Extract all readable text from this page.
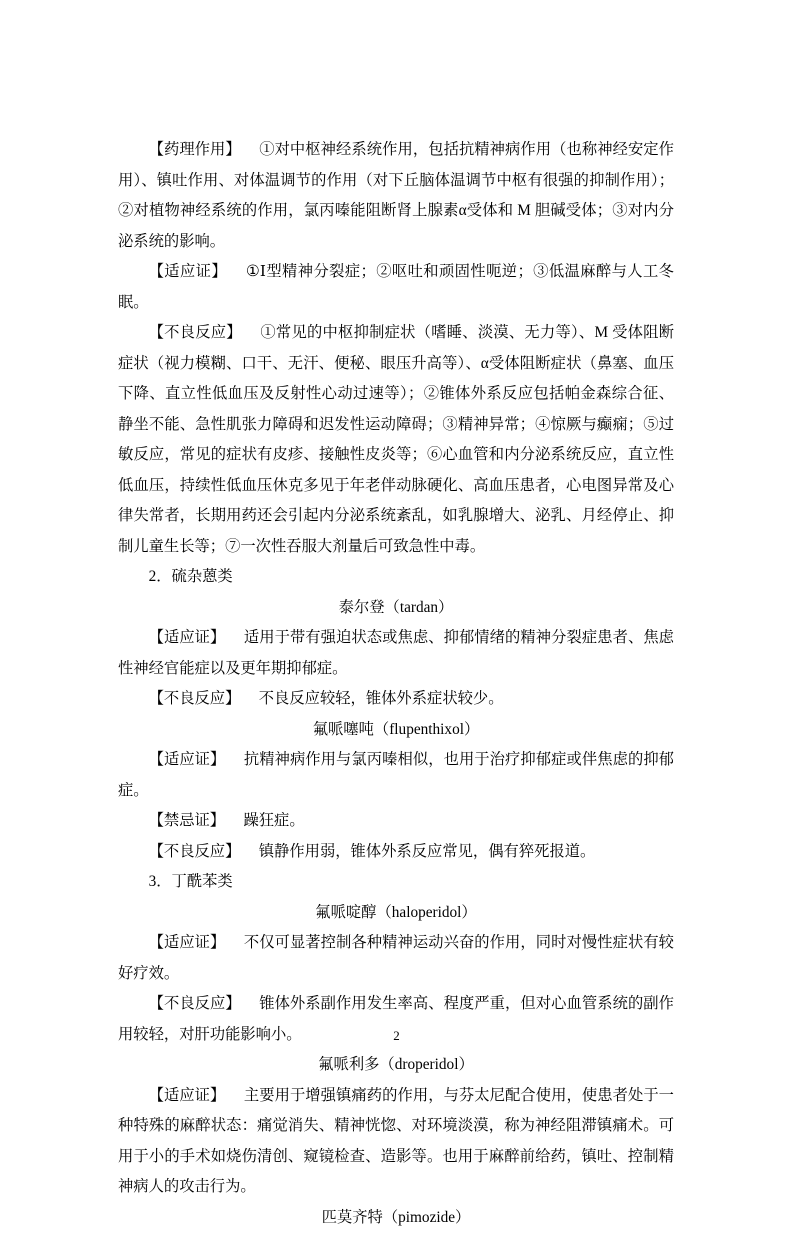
【药理作用】 ①对中枢神经系统作用，包括抗精神病作用（也称神经安定作用）、镇吐作用、对体温调节的作用（对下丘脑体温调节中枢有很强的抑制作用）；②对植物神经系统的作用，氯丙嗪能阻断肾上腺素α受体和 M 胆碱受体；③对内分泌系统的影响。

【适应证】 ①Ⅰ型精神分裂症；②呕吐和顽固性呃逆；③低温麻醉与人工冬眠。

【不良反应】 ①常见的中枢抑制症状（嗜睡、淡漠、无力等）、M 受体阻断症状（视力模糊、口干、无汗、便秘、眼压升高等）、α受体阻断症状（鼻塞、血压下降、直立性低血压及反射性心动过速等）；②锥体外系反应包括帕金森综合征、静坐不能、急性肌张力障碍和迟发性运动障碍；③精神异常；④惊厥与癫痫；⑤过敏反应，常见的症状有皮疹、接触性皮炎等；⑥心血管和内分泌系统反应，直立性低血压，持续性低血压休克多见于年老伴动脉硬化、高血压患者，心电图异常及心律失常者，长期用药还会引起内分泌系统紊乱，如乳腺增大、泌乳、月经停止、抑制儿童生长等；⑦一次性吞服大剂量后可致急性中毒。

2．硫杂蒽类

泰尔登（tardan）

【适应证】 适用于带有强迫状态或焦虑、抑郁情绪的精神分裂症患者、焦虑性神经官能症以及更年期抑郁症。

【不良反应】 不良反应较轻，锥体外系症状较少。

氟哌噻吨（flupenthixol）

【适应证】 抗精神病作用与氯丙嗪相似，也用于治疗抑郁症或伴焦虑的抑郁症。

【禁忌证】 躁狂症。

【不良反应】 镇静作用弱，锥体外系反应常见，偶有猝死报道。

3．丁酰苯类

氟哌啶醇（haloperidol）

【适应证】 不仅可显著控制各种精神运动兴奋的作用，同时对慢性症状有较好疗效。

【不良反应】 锥体外系副作用发生率高、程度严重，但对心血管系统的副作用较轻，对肝功能影响小。

氟哌利多（droperidol）

【适应证】 主要用于增强镇痛药的作用，与芬太尼配合使用，使患者处于一种特殊的麻醉状态：痛觉消失、精神恍惚、对环境淡漠，称为神经阻滞镇痛术。可用于小的手术如烧伤清创、窥镜检查、造影等。也用于麻醉前给药，镇吐、控制精神病人的攻击行为。

匹莫齐特（pimozide）

2
